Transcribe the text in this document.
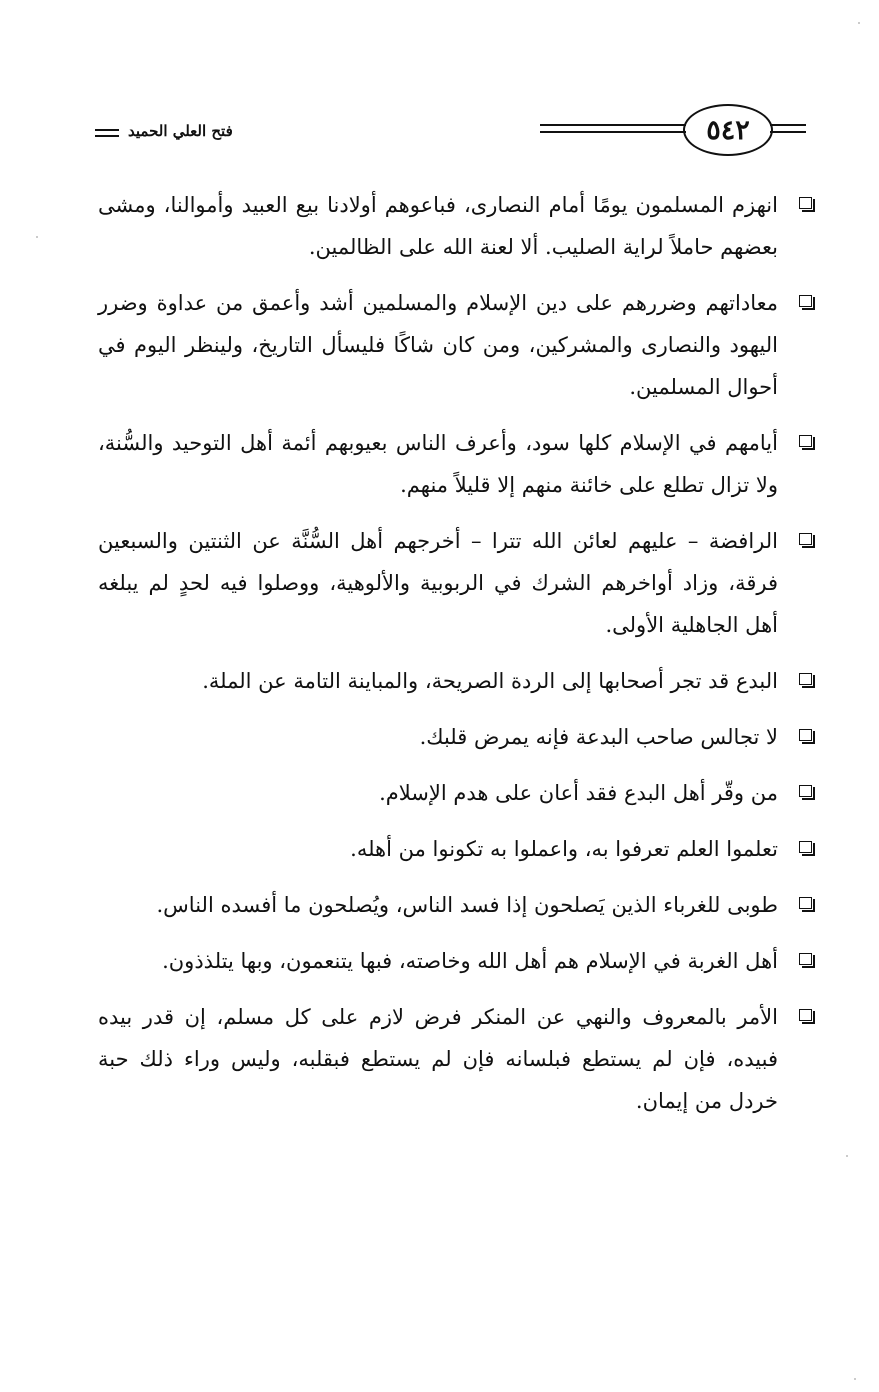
فتح العلي الحميد	٥٤٢
انهزم المسلمون يومًا أمام النصارى، فباعوهم أولادنا بيع العبيد وأموالنا، ومشى بعضهم حاملاً لراية الصليب. ألا لعنة الله على الظالمين.
معاداتهم وضررهم على دين الإسلام والمسلمين أشد وأعمق من عداوة وضرر اليهود والنصارى والمشركين، ومن كان شاكًا فليسأل التاريخ، ولينظر اليوم في أحوال المسلمين.
أيامهم في الإسلام كلها سود، وأعرف الناس بعيوبهم أئمة أهل التوحيد والسُّنة، ولا تزال تطلع على خائنة منهم إلا قليلاً منهم.
الرافضة – عليهم لعائن الله تترا – أخرجهم أهل السُّنَّة عن الثنتين والسبعين فرقة، وزاد أواخرهم الشرك في الربوبية والألوهية، ووصلوا فيه لحدٍ لم يبلغه أهل الجاهلية الأولى.
البدع قد تجر أصحابها إلى الردة الصريحة، والمباينة التامة عن الملة.
لا تجالس صاحب البدعة فإنه يمرض قلبك.
من وقّر أهل البدع فقد أعان على هدم الإسلام.
تعلموا العلم تعرفوا به، واعملوا به تكونوا من أهله.
طوبى للغرباء الذين يَصلحون إذا فسد الناس، ويُصلحون ما أفسده الناس.
أهل الغربة في الإسلام هم أهل الله وخاصته، فبها يتنعمون، وبها يتلذذون.
الأمر بالمعروف والنهي عن المنكر فرض لازم على كل مسلم، إن قدر بيده فبيده، فإن لم يستطع فبلسانه فإن لم يستطع فبقلبه، وليس وراء ذلك حبة خردل من إيمان.
